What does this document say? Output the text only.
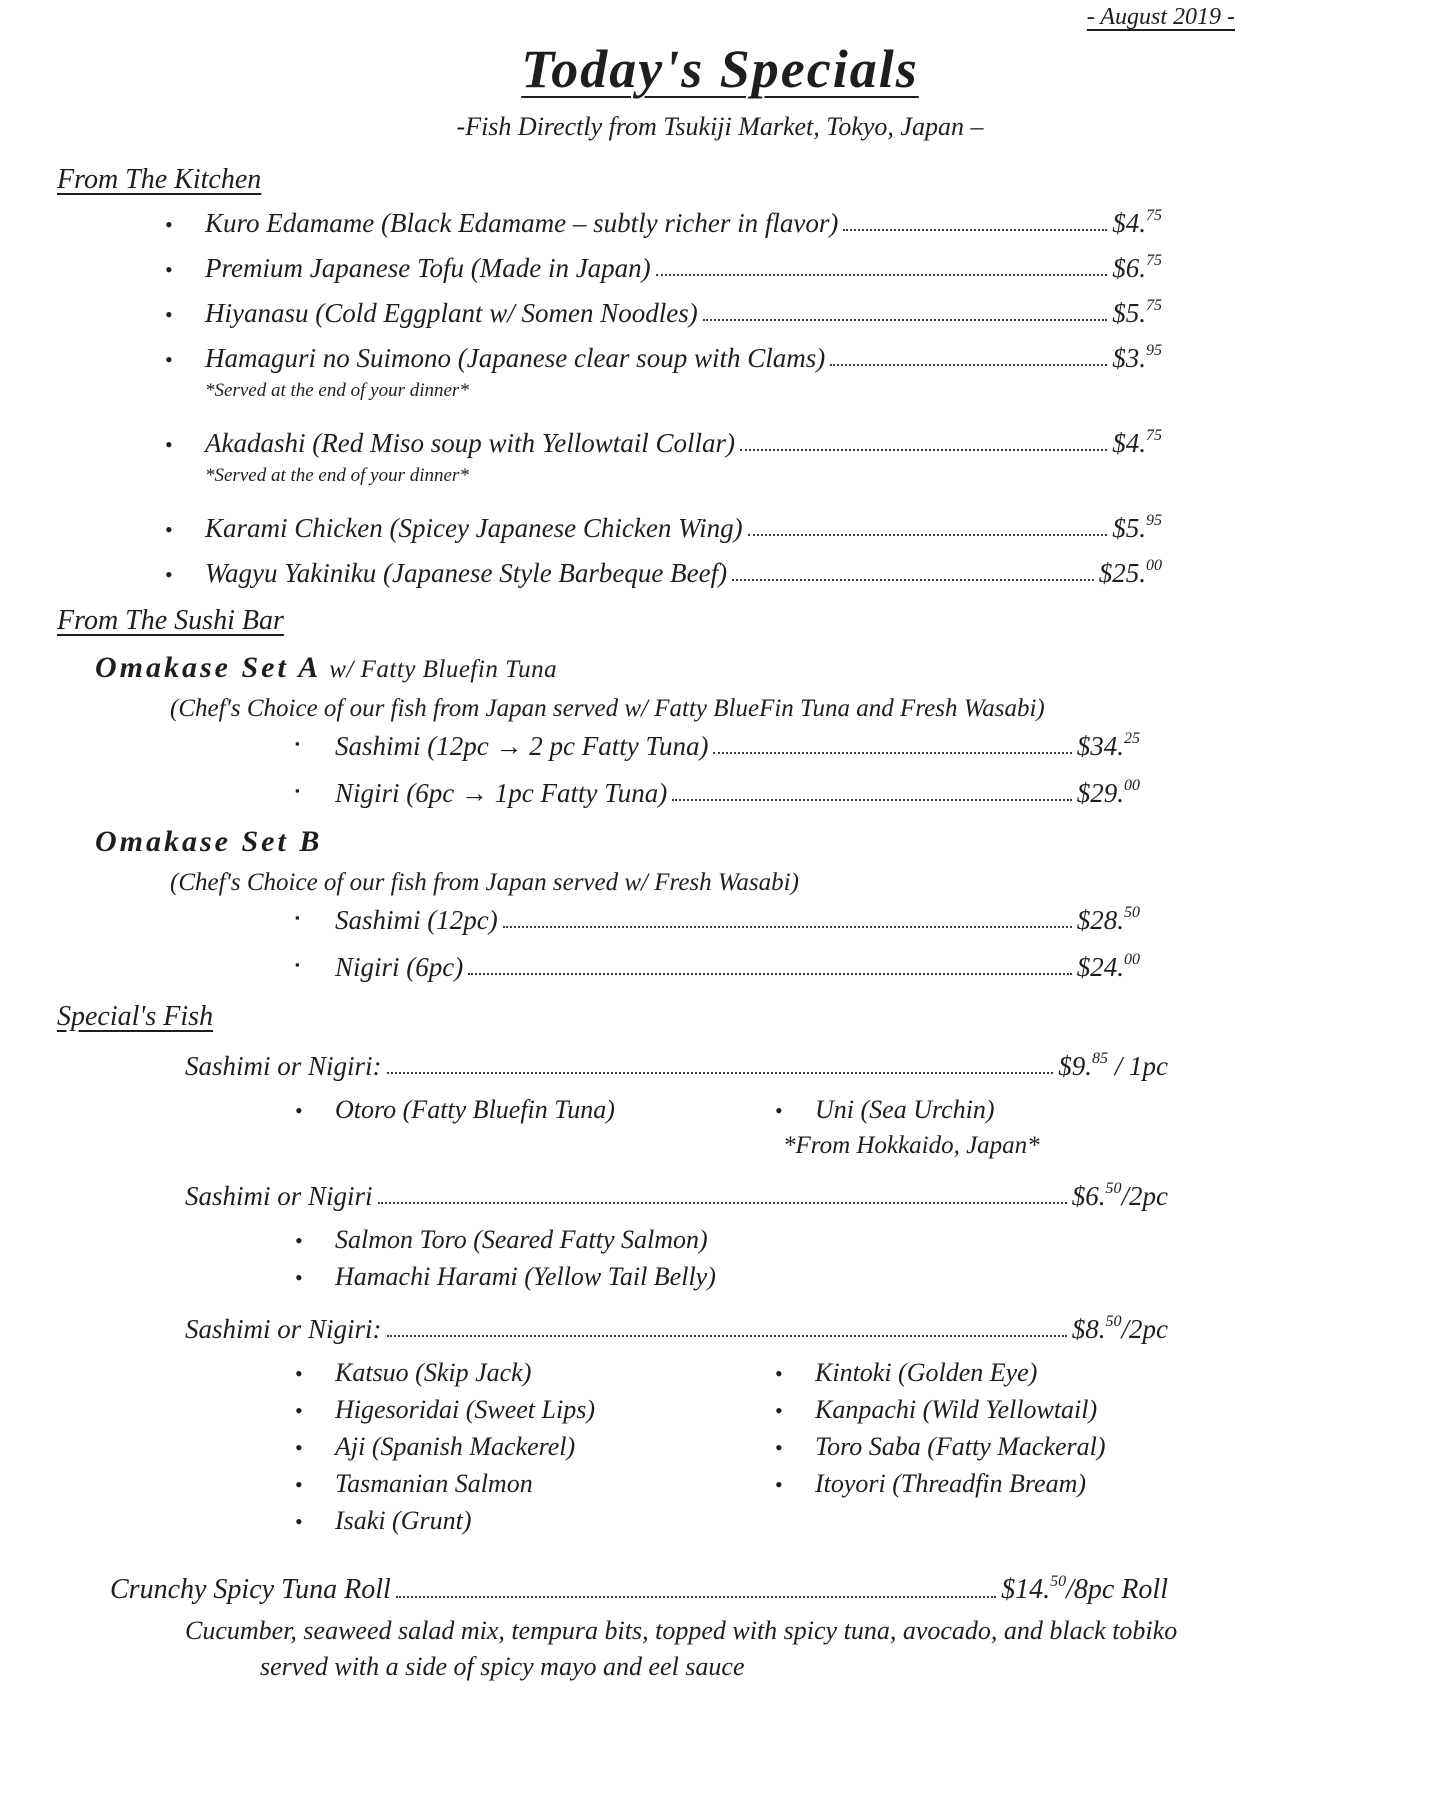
- August 2019 -
Today's Specials
-Fish Directly from Tsukiji Market, Tokyo, Japan –
From The Kitchen
•	Kuro Edamame (Black Edamame – subtly richer in flavor)	$4.75
•	Premium Japanese Tofu (Made in Japan)	$6.75
•	Hiyanasu (Cold Eggplant w/ Somen Noodles)	$5.75
•	Hamaguri no Suimono (Japanese clear soup with Clams)	$3.95
*Served at the end of your dinner*
•	Akadashi (Red Miso soup with Yellowtail Collar)	$4.75
*Served at the end of your dinner*
•	Karami Chicken (Spicey Japanese Chicken Wing)	$5.95
•	Wagyu Yakiniku (Japanese Style Barbeque Beef)	$25.00
From The Sushi Bar
Omakase Set A w/ Fatty Bluefin Tuna
(Chef's Choice of our fish from Japan served w/ Fatty BlueFin Tuna and Fresh Wasabi)
▪	Sashimi (12pc → 2 pc Fatty Tuna)	$34.25
▪	Nigiri (6pc → 1pc Fatty Tuna)	$29.00
Omakase Set B
(Chef's Choice of our fish from Japan served w/ Fresh Wasabi)
▪	Sashimi (12pc)	$28.50
▪	Nigiri (6pc)	$24.00
Special's Fish
Sashimi or Nigiri:	$9.85 / 1pc
•	Otoro (Fatty Bluefin Tuna)	•	Uni (Sea Urchin)
*From Hokkaido, Japan*
Sashimi or Nigiri	$6.50/2pc
•	Salmon Toro (Seared Fatty Salmon)
•	Hamachi Harami (Yellow Tail Belly)
Sashimi or Nigiri:	$8.50/2pc
•	Katsuo (Skip Jack)
•	Higesoridai (Sweet Lips)
•	Aji (Spanish Mackerel)
•	Tasmanian Salmon
•	Isaki (Grunt)
•	Kintoki (Golden Eye)
•	Kanpachi (Wild Yellowtail)
•	Toro Saba (Fatty Mackeral)
•	Itoyori (Threadfin Bream)
Crunchy Spicy Tuna Roll	$14.50/8pc Roll
Cucumber, seaweed salad mix, tempura bits, topped with spicy tuna, avocado, and black tobiko
served with a side of spicy mayo and eel sauce
